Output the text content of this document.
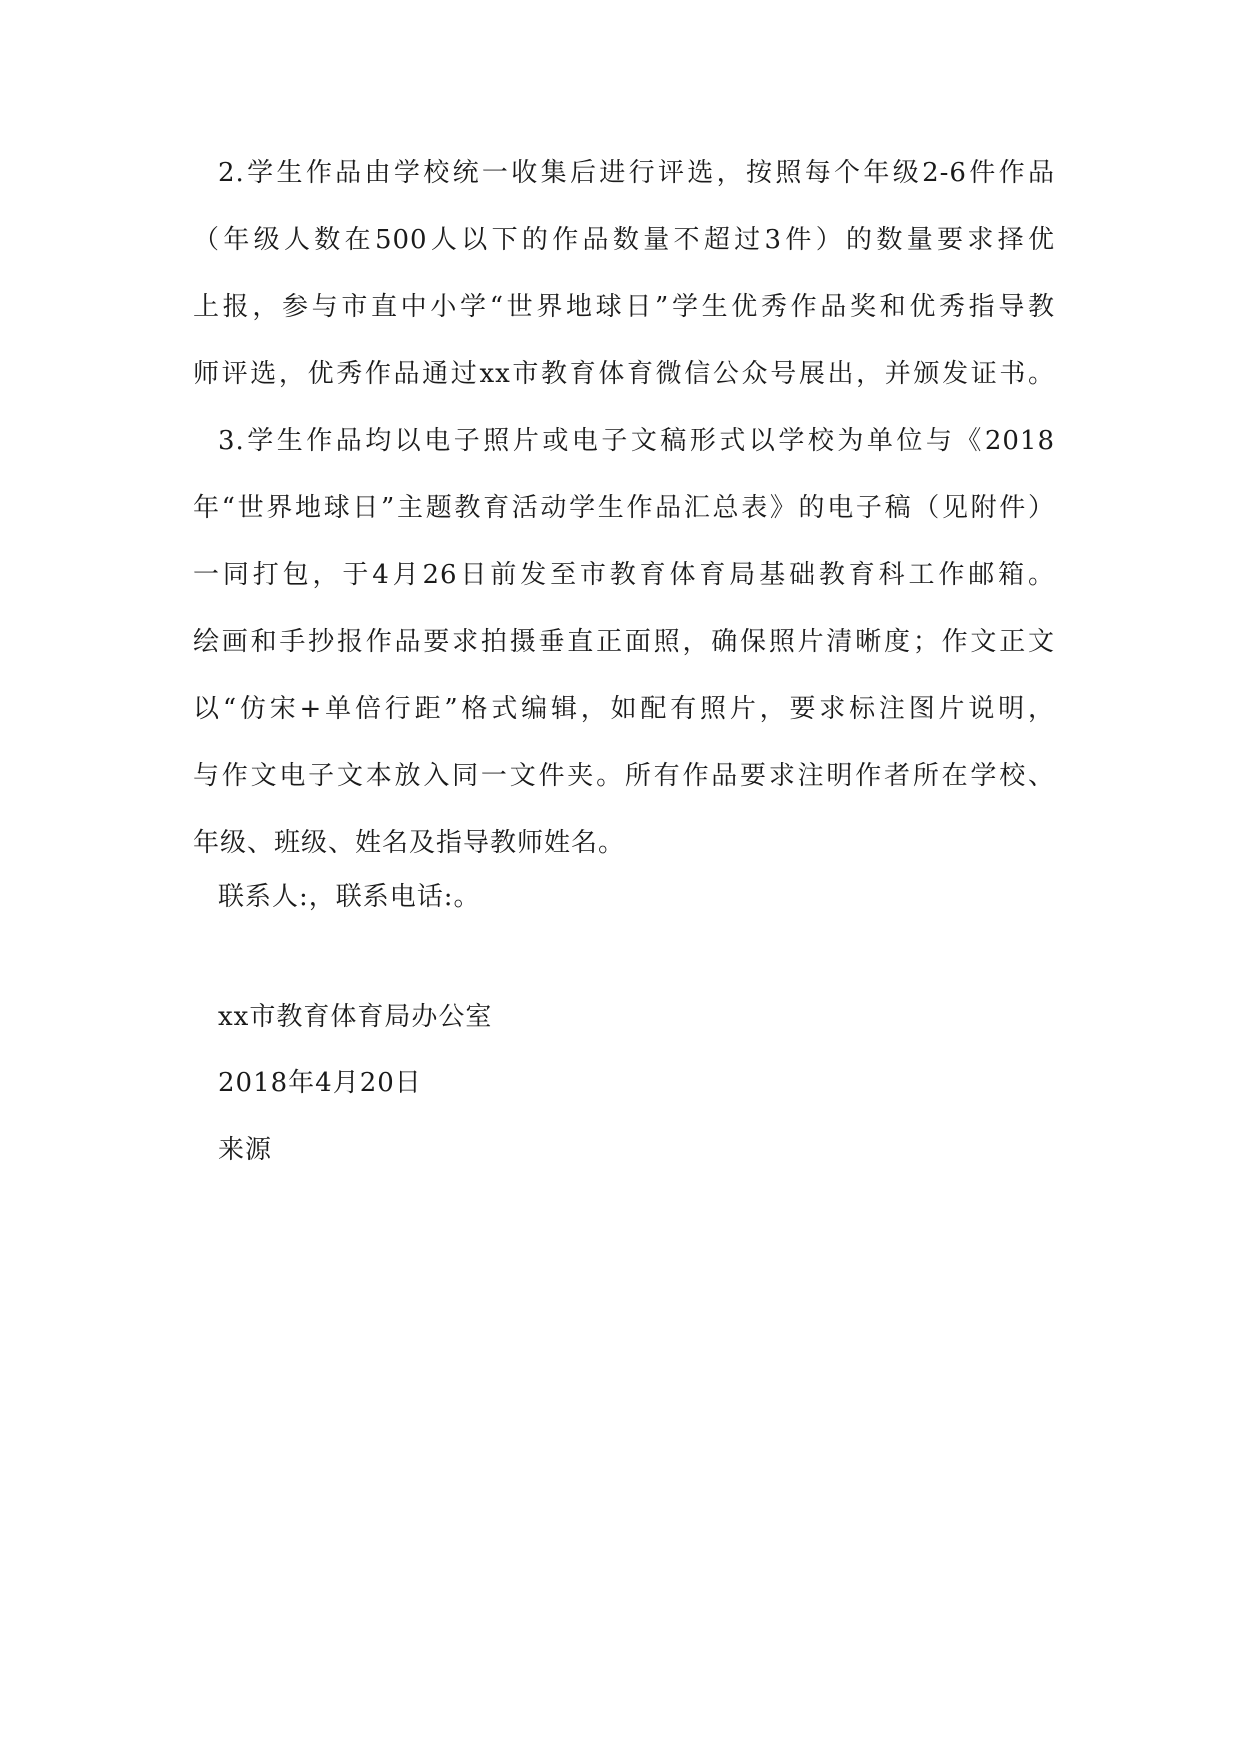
2.学生作品由学校统一收集后进行评选，按照每个年级2-6件作品
（年级人数在500人以下的作品数量不超过3件）的数量要求择优
上报，参与市直中小学“世界地球日”学生优秀作品奖和优秀指导教
师评选，优秀作品通过xx市教育体育微信公众号展出，并颁发证书。
3.学生作品均以电子照片或电子文稿形式以学校为单位与《2018
年“世界地球日”主题教育活动学生作品汇总表》的电子稿（见附件）
一同打包，于4月26日前发至市教育体育局基础教育科工作邮箱。
绘画和手抄报作品要求拍摄垂直正面照，确保照片清晰度；作文正文
以“仿宋+单倍行距”格式编辑，如配有照片，要求标注图片说明，
与作文电子文本放入同一文件夹。所有作品要求注明作者所在学校、
年级、班级、姓名及指导教师姓名。
联系人:，联系电话:。
xx市教育体育局办公室
2018年4月20日
来源
